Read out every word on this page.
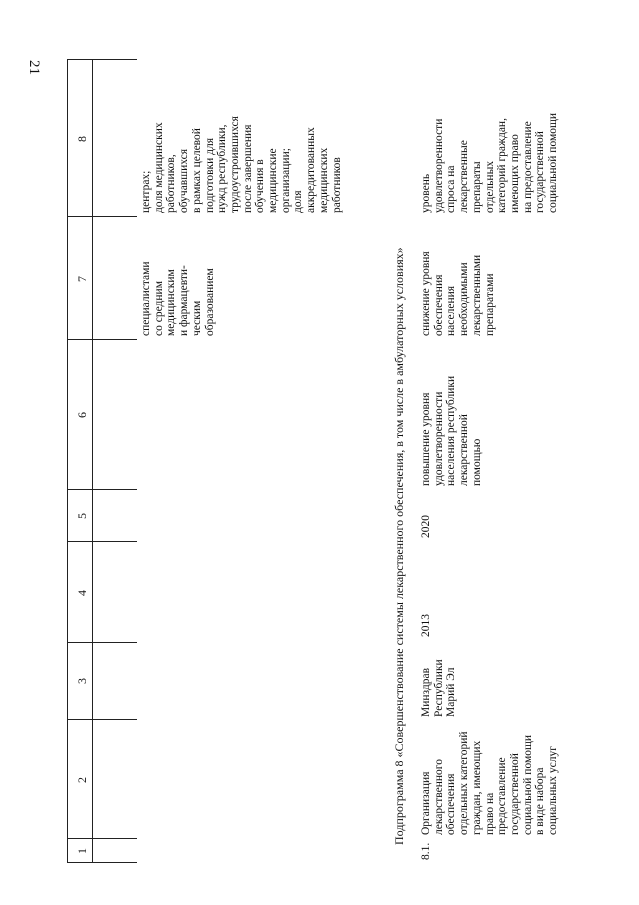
21
1
2
3
4
5
6
7
8
специалистами
со средним
медицинским
и фармацевти-
ческим
образованием
центрах;
доля медицинских
работников,
обучавшихся
в рамках целевой
подготовки для
нужд республики,
трудоустроившихся
после завершения
обучения в
медицинские
организации;
доля
аккредитованных
медицинских
работников
Подпрограмма 8 «Совершенствование системы лекарственного обеспечения, в том числе в амбулаторных условиях»
8.1.
Организация
лекарственного
обеспечения
отдельных категорий
граждан, имеющих
право на
предоставление
государственной
социальной помощи
в виде набора
социальных услуг
Минздрав
Республики
Марий Эл
2013
2020
повышение уровня
удовлетворенности
населения республики
лекарственной
помощью
снижение уровня
обеспечения
населения
необходимыми
лекарственными
препаратами
уровень
удовлетворенности
спроса на
лекарственные
препараты
отдельных
категорий граждан,
имеющих право
на предоставление
государственной
социальной помощи
